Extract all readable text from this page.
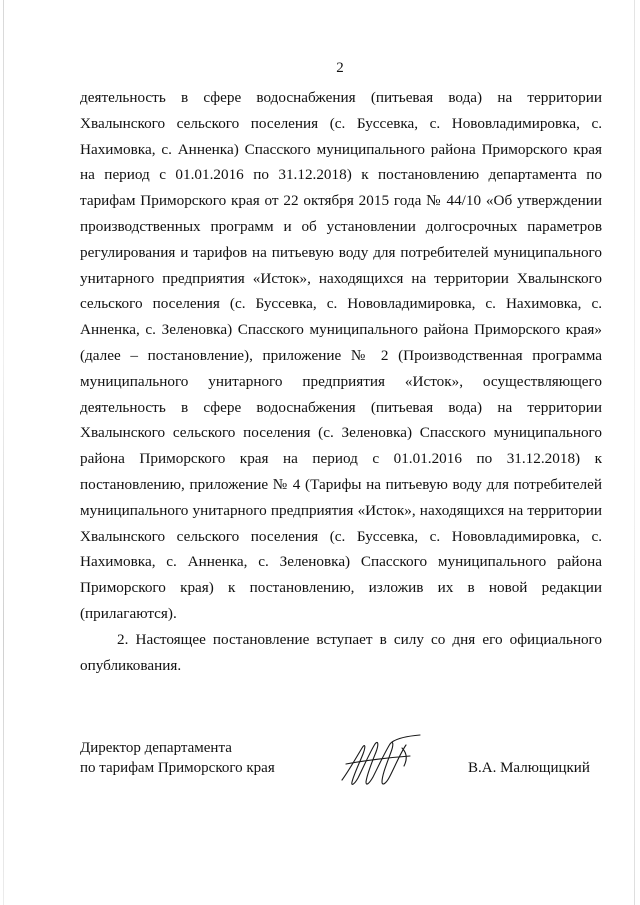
2

деятельность в сфере водоснабжения (питьевая вода) на территории Хвалынского сельского поселения (с. Буссевка, с. Нововладимировка, с. Нахимовка, с. Анненка) Спасского муниципального района Приморского края на период с 01.01.2016 по 31.12.2018) к постановлению департамента по тарифам Приморского края от 22 октября 2015 года № 44/10 «Об утверждении производственных программ и об установлении долгосрочных параметров регулирования и тарифов на питьевую воду для потребителей муниципального унитарного предприятия «Исток», находящихся на территории Хвалынского сельского поселения (с. Буссевка, с. Нововладимировка, с. Нахимовка, с. Анненка, с. Зеленовка) Спасского муниципального района Приморского края» (далее – постановление), приложение № 2 (Производственная программа муниципального унитарного предприятия «Исток», осуществляющего деятельность в сфере водоснабжения (питьевая вода) на территории Хвалынского сельского поселения (с. Зеленовка) Спасского муниципального района Приморского края на период с 01.01.2016 по 31.12.2018) к постановлению, приложение № 4 (Тарифы на питьевую воду для потребителей муниципального унитарного предприятия «Исток», находящихся на территории Хвалынского сельского поселения (с. Буссевка, с. Нововладимировка, с. Нахимовка, с. Анненка, с. Зеленовка) Спасского муниципального района Приморского края) к постановлению, изложив их в новой редакции (прилагаются).

2. Настоящее постановление вступает в силу со дня его официального опубликования.

Директор департамента
по тарифам Приморского края	В.А. Малющицкий
